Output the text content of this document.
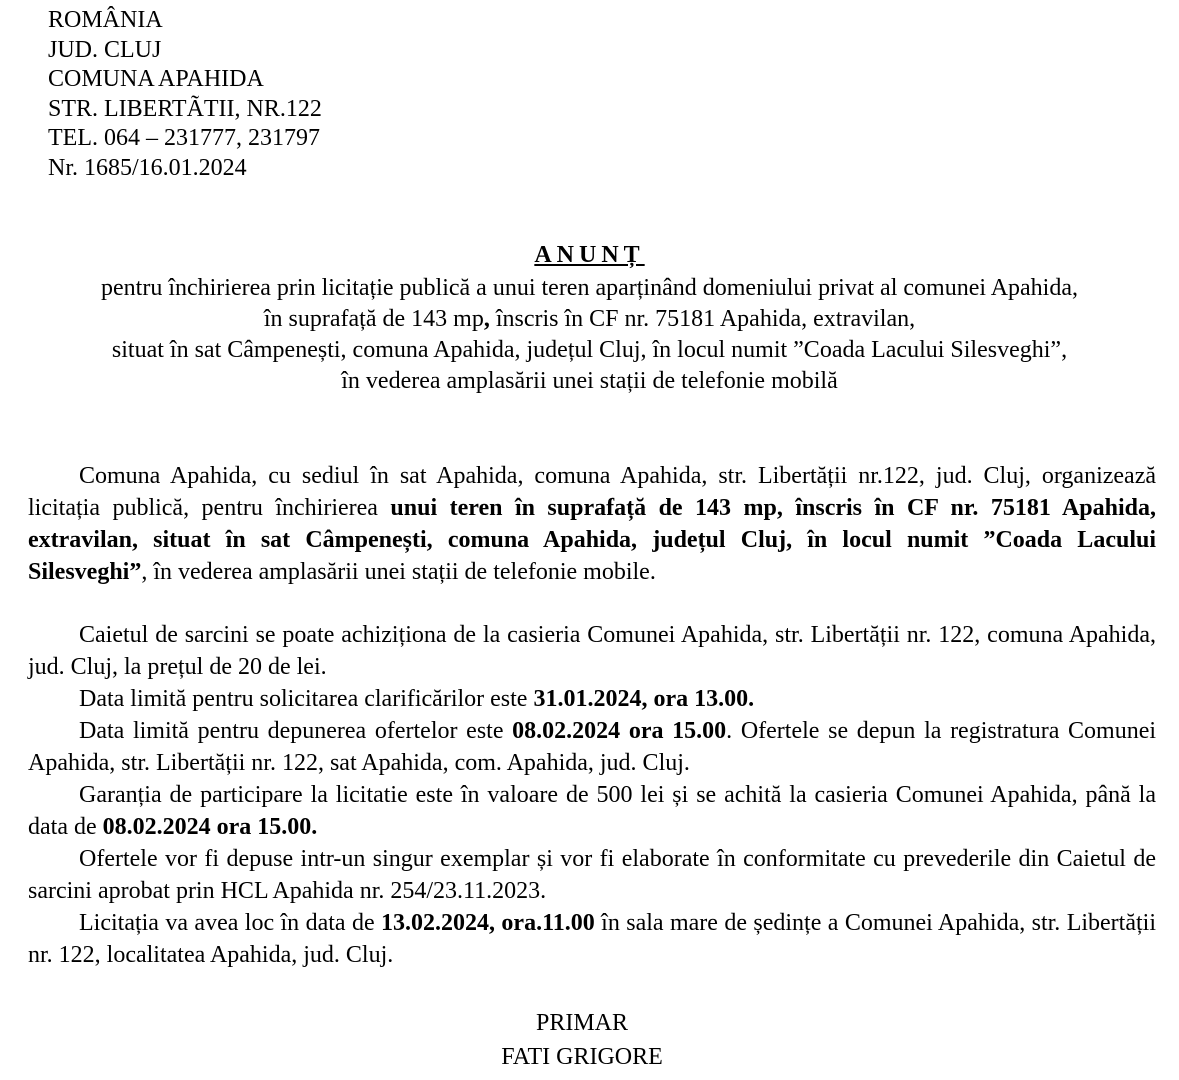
ROMÂNIA
JUD. CLUJ
COMUNA APAHIDA
STR. LIBERTÃTII, NR.122
TEL. 064 – 231777, 231797
Nr. 1685/16.01.2024
ANUNȚ
pentru închirierea prin licitație publică a unui teren aparținând domeniului privat al comunei Apahida,
în suprafață de 143 mp, înscris în CF nr. 75181 Apahida, extravilan,
situat în sat Câmpenești, comuna Apahida, județul Cluj, în locul numit ”Coada Lacului Silesveghi”,
în vederea amplasării unei stații de telefonie mobilă

Comuna Apahida, cu sediul în sat Apahida, comuna Apahida, str. Libertății nr.122, jud. Cluj, organizează licitația publică, pentru închirierea unui teren în suprafață de 143 mp, înscris în CF nr. 75181 Apahida, extravilan, situat în sat Câmpenești, comuna Apahida, județul Cluj, în locul numit ”Coada Lacului Silesveghi”, în vederea amplasării unei stații de telefonie mobile.

Caietul de sarcini se poate achiziționa de la casieria Comunei Apahida, str. Libertății nr. 122, comuna Apahida, jud. Cluj, la prețul de 20 de lei.

Data limită pentru solicitarea clarificărilor este 31.01.2024, ora 13.00.

Data limită pentru depunerea ofertelor este 08.02.2024 ora 15.00. Ofertele se depun la registratura Comunei Apahida, str. Libertății nr. 122, sat Apahida, com. Apahida, jud. Cluj.

Garanția de participare la licitatie este în valoare de 500 lei și se achită la casieria Comunei Apahida, până la data de 08.02.2024 ora 15.00.

Ofertele vor fi depuse intr-un singur exemplar și vor fi elaborate în conformitate cu prevederile din Caietul de sarcini aprobat prin HCL Apahida nr. 254/23.11.2023.

Licitația va avea loc în data de 13.02.2024, ora.11.00 în sala mare de ședințe a Comunei Apahida, str. Libertății nr. 122, localitatea Apahida, jud. Cluj.

PRIMAR
FATI GRIGORE
